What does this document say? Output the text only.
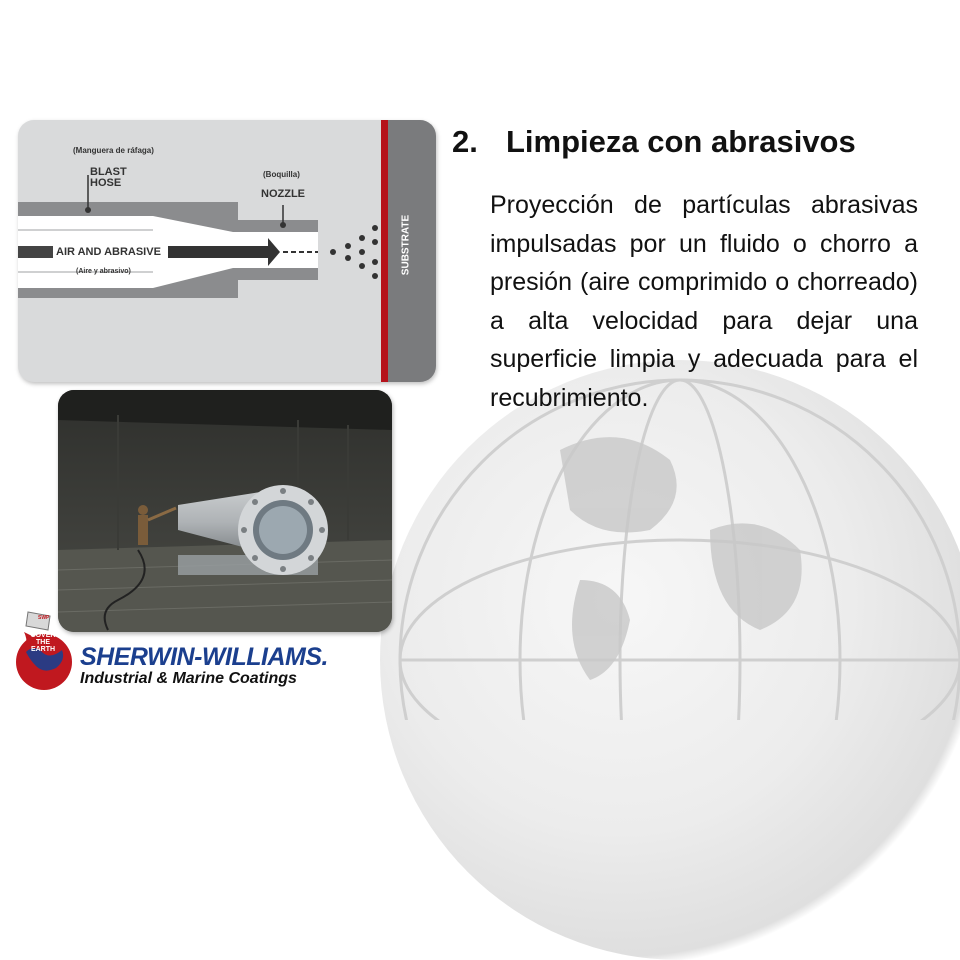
2. Limpieza con abrasivos
Proyección de partículas abrasivas impulsadas por un fluido o chorro a presión (aire comprimido o chorreado) a alta velocidad para dejar una superficie limpia y adecuada para el recubrimiento.
(Manguera de ráfaga)
BLAST
HOSE
(Boquilla)
NOZZLE
AIR AND ABRASIVE
(Aire y abrasivo)	SUBSTRATE
SWP
COVER
THE
EARTH SHERWIN-WILLIAMS.
Industrial & Marine Coatings
